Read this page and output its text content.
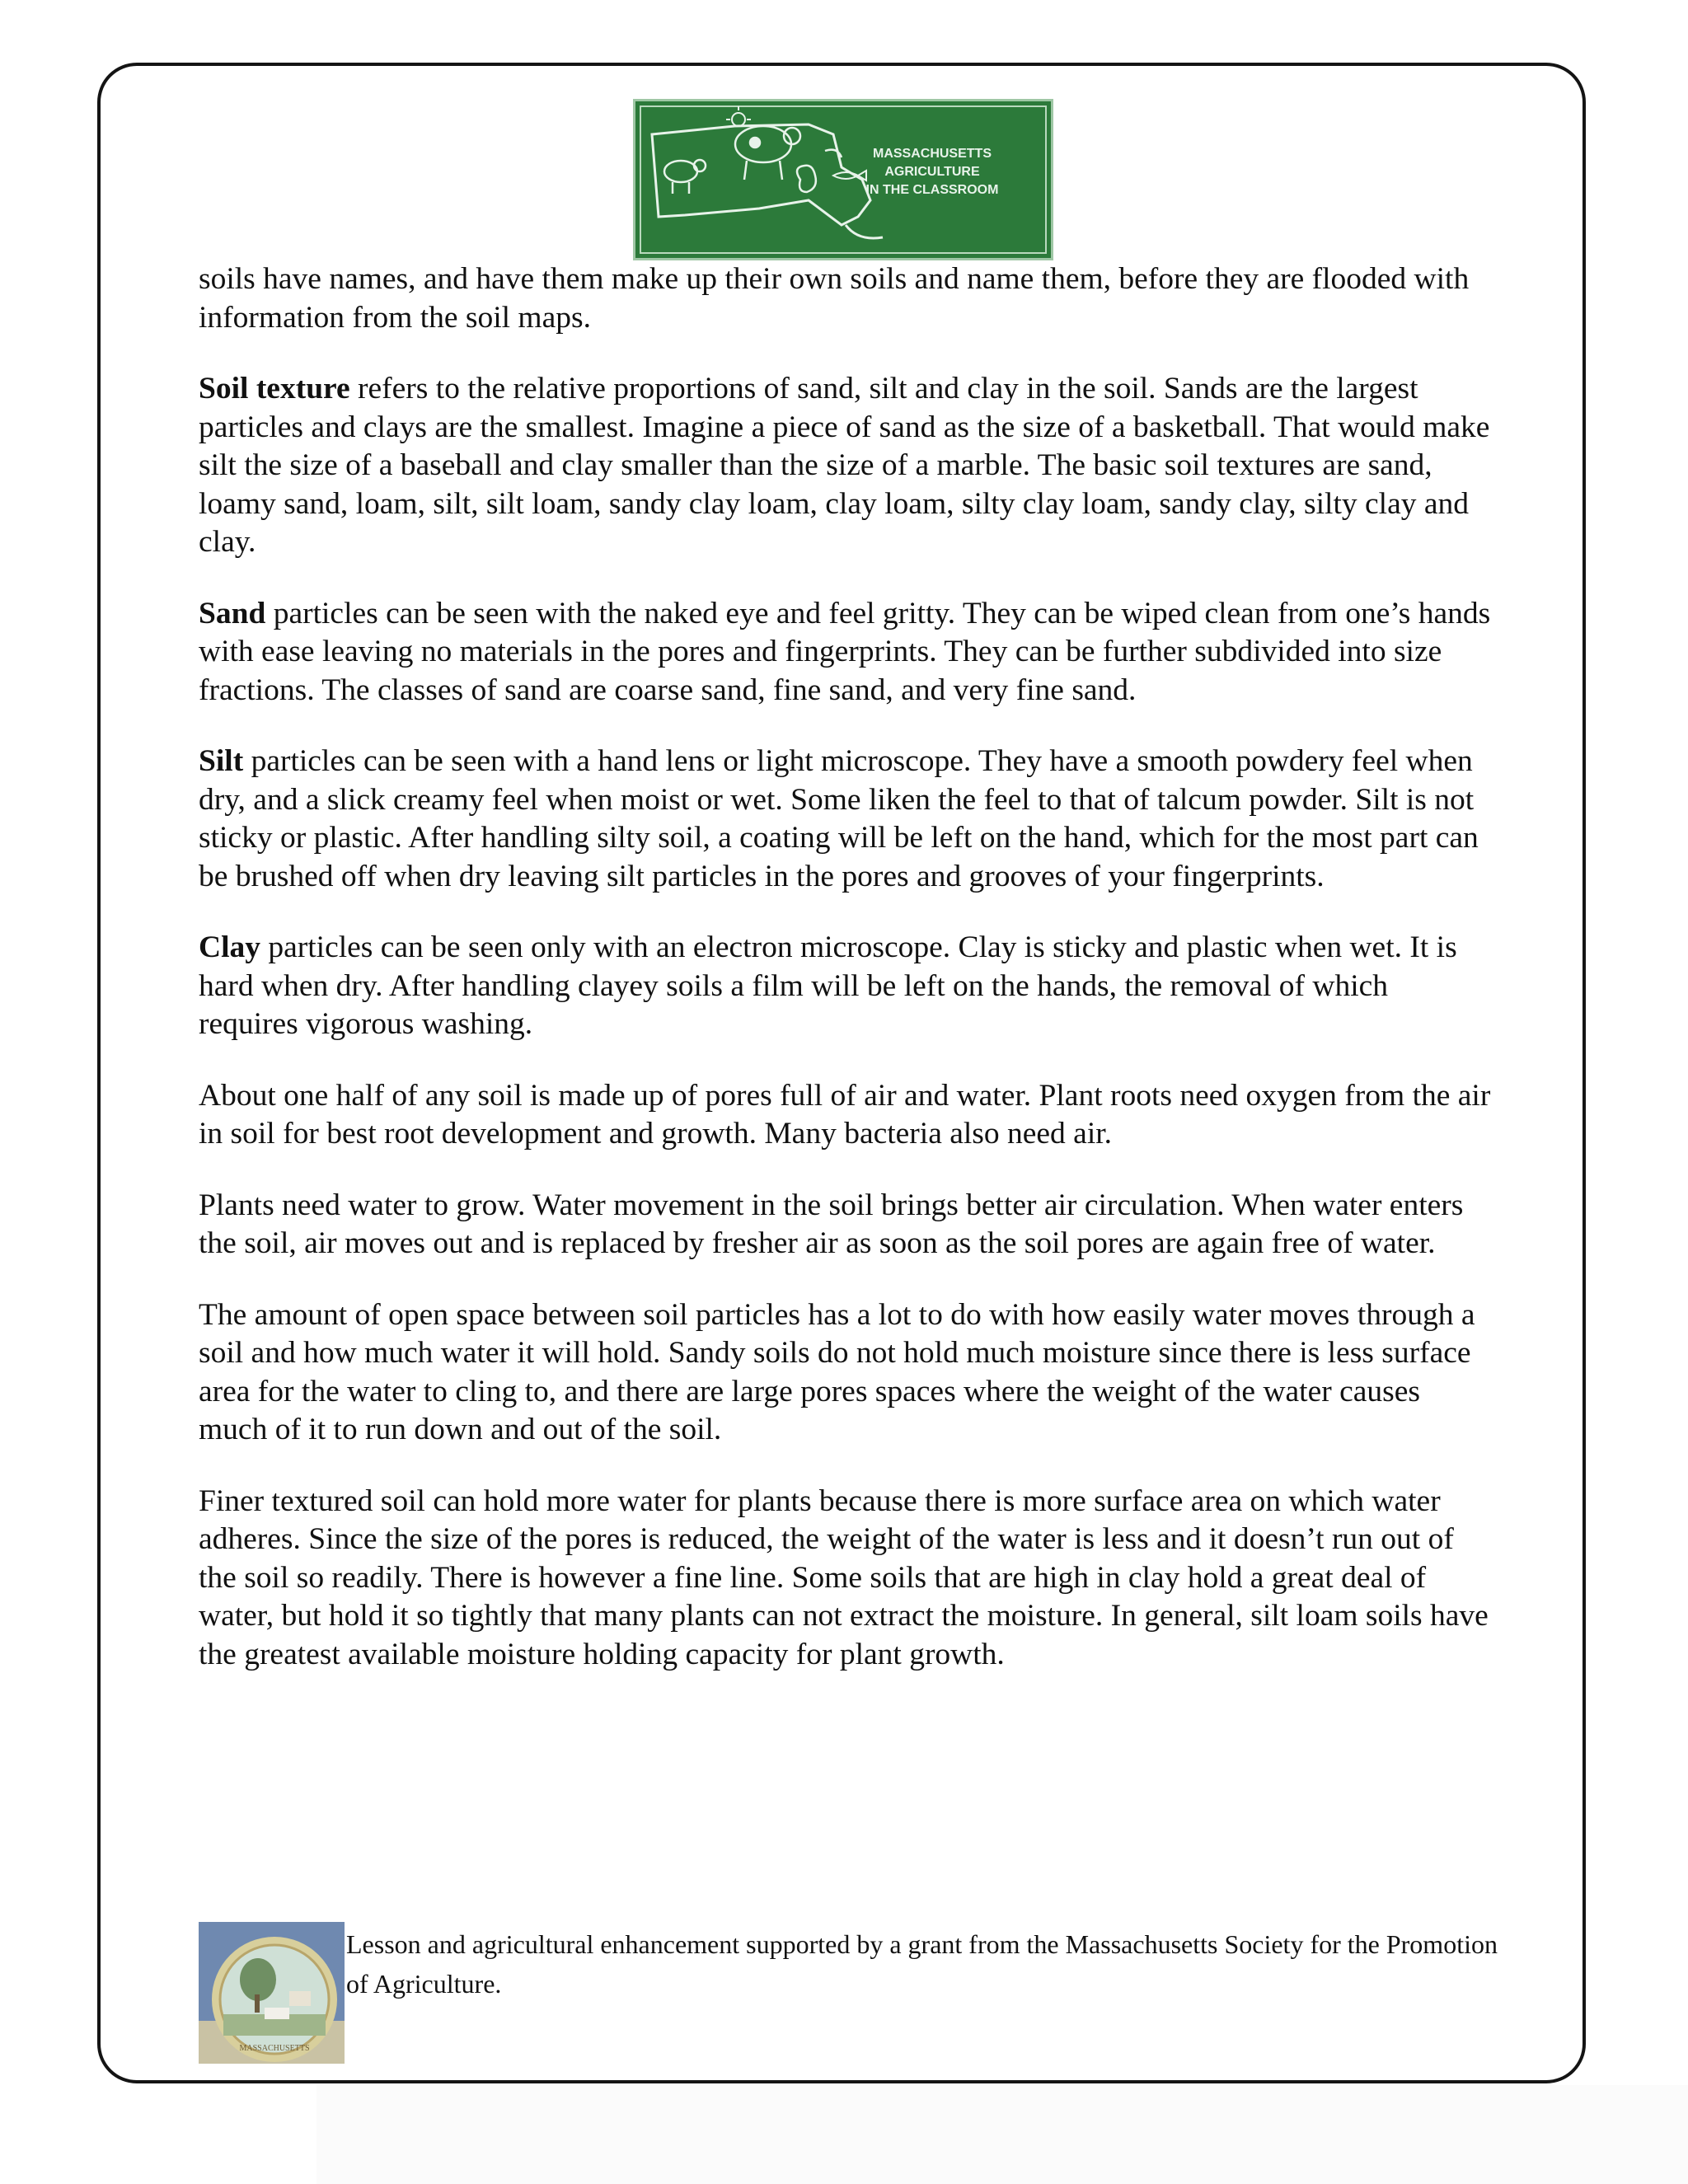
MASSACHUSETTS
AGRICULTURE
IN THE CLASSROOM

soils have names, and have them make up their own soils and name them, before they are flooded with information from the soil maps.

Soil texture refers to the relative proportions of sand, silt and clay in the soil. Sands are the largest particles and clays are the smallest. Imagine a piece of sand as the size of a basketball. That would make silt the size of a baseball and clay smaller than the size of a marble. The basic soil textures are sand, loamy sand, loam, silt, silt loam, sandy clay loam, clay loam, silty clay loam, sandy clay, silty clay and clay.

Sand particles can be seen with the naked eye and feel gritty. They can be wiped clean from one’s hands with ease leaving no materials in the pores and fingerprints. They can be further subdivided into size fractions. The classes of sand are coarse sand, fine sand, and very fine sand.

Silt particles can be seen with a hand lens or light microscope. They have a smooth powdery feel when dry, and a slick creamy feel when moist or wet. Some liken the feel to that of talcum powder. Silt is not sticky or plastic. After handling silty soil, a coating will be left on the hand, which for the most part can be brushed off when dry leaving silt particles in the pores and grooves of your fingerprints.

Clay particles can be seen only with an electron microscope. Clay is sticky and plastic when wet. It is hard when dry. After handling clayey soils a film will be left on the hands, the removal of which requires vigorous washing.

About one half of any soil is made up of pores full of air and water. Plant roots need oxygen from the air in soil for best root development and growth. Many bacteria also need air.

Plants need water to grow. Water movement in the soil brings better air circulation. When water enters the soil, air moves out and is replaced by fresher air as soon as the soil pores are again free of water.

The amount of open space between soil particles has a lot to do with how easily water moves through a soil and how much water it will hold. Sandy soils do not hold much moisture since there is less surface area for the water to cling to, and there are large pores spaces where the weight of the water causes much of it to run down and out of the soil.

Finer textured soil can hold more water for plants because there is more surface area on which water adheres. Since the size of the pores is reduced, the weight of the water is less and it doesn’t run out of the soil so readily. There is however a fine line. Some soils that are high in clay hold a great deal of water, but hold it so tightly that many plants can not extract the moisture. In general, silt loam soils have the greatest available moisture holding capacity for plant growth.

MASSACHUSETTS
Lesson and agricultural enhancement supported by a grant from the Massachusetts Society for the Promotion of Agriculture.
